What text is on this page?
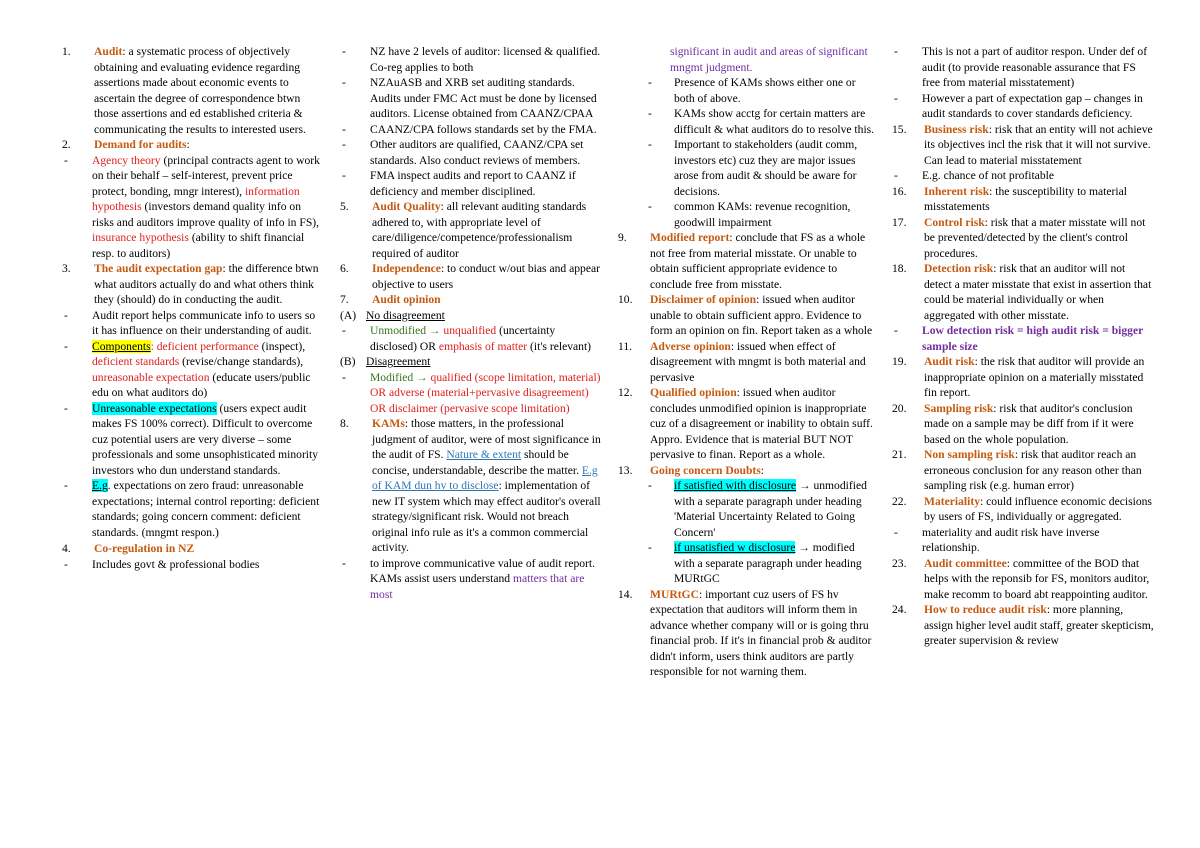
1. Audit: a systematic process of objectively obtaining and evaluating evidence regarding assertions made about economic events to ascertain the degree of correspondence btwn those assertions and ed established criteria & communicating the results to interested users.
2. Demand for audits:
- Agency theory (principal contracts agent to work on their behalf – self-interest, prevent price protect, bonding, mngr interest), information hypothesis (investors demand quality info on risks and auditors improve quality of info in FS), insurance hypothesis (ability to shift financial resp. to auditors)
3. The audit expectation gap: the difference btwn what auditors actually do and what others think they (should) do in conducting the audit.
- Audit report helps communicate info to users so it has influence on their understanding of audit.
- Components: deficient performance (inspect), deficient standards (revise/change standards), unreasonable expectation (educate users/public edu on what auditors do)
- Unreasonable expectations (users expect audit makes FS 100% correct). Difficult to overcome cuz potential users are very diverse – some professionals and some unsophisticated minority investors who dun understand standards.
- E.g. expectations on zero fraud: unreasonable expectations; internal control reporting: deficient standards; going concern comment: deficient standards. (mngmt respon.)
4. Co-regulation in NZ
- Includes govt & professional bodies
- NZ have 2 levels of auditor: licensed & qualified. Co-reg applies to both
- NZAuASB and XRB set auditing standards. Audits under FMC Act must be done by licensed auditors. License obtained from CAANZ/CPAA
- CAANZ/CPA follows standards set by the FMA.
- Other auditors are qualified, CAANZ/CPA set standards. Also conduct reviews of members.
- FMA inspect audits and report to CAANZ if deficiency and member disciplined.
5. Audit Quality: all relevant auditing standards adhered to, with appropriate level of care/diligence/competence/professionalism required of auditor
6. Independence: to conduct w/out bias and appear objective to users
7. Audit opinion
(A) No disagreement
- Unmodified → unqualified (uncertainty disclosed) OR emphasis of matter (it's relevant)
(B) Disagreement
- Modified → qualified (scope limitation, material) OR adverse (material+pervasive disagreement) OR disclaimer (pervasive scope limitation)
8. KAMs: those matters, in the professional judgment of auditor, were of most significance in the audit of FS. Nature & extent should be concise, understandable, describe the matter. E.g of KAM dun hv to disclose: implementation of new IT system which may effect auditor's overall strategy/significant risk. Would not breach original info rule as it's a common commercial activity.
- to improve communicative value of audit report. KAMs assist users understand matters that are most
significant in audit and areas of significant mngmt judgment.
- Presence of KAMs shows either one or both of above.
- KAMs show acctg for certain matters are difficult & what auditors do to resolve this.
- Important to stakeholders (audit comm, investors etc) cuz they are major issues arose from audit & should be aware for decisions.
- common KAMs: revenue recognition, goodwill impairment
9. Modified report: conclude that FS as a whole not free from material misstate. Or unable to obtain sufficient appropriate evidence to conclude free from misstate.
10. Disclaimer of opinion: issued when auditor unable to obtain sufficient appro. Evidence to form an opinion on fin. Report taken as a whole
11. Adverse opinion: issued when effect of disagreement with mngmt is both material and pervasive
12. Qualified opinion: issued when auditor concludes unmodified opinion is inappropriate cuz of a disagreement or inability to obtain suff. Appro. Evidence that is material BUT NOT pervasive to finan. Report as a whole.
13. Going concern Doubts:
- if satisfied with disclosure → unmodified with a separate paragraph under heading 'Material Uncertainty Related to Going Concern'
- if unsatisfied w disclosure → modified with a separate paragraph under heading MURtGC
14. MURtGC: important cuz users of FS hv expectation that auditors will inform them in advance whether company will or is going thru financial prob. If it's in financial prob & auditor didn't inform, users think auditors are partly responsible for not warning them.
- This is not a part of auditor respon. Under def of audit (to provide reasonable assurance that FS free from material misstatement)
- However a part of expectation gap – changes in audit standards to cover standards deficiency.
15. Business risk: risk that an entity will not achieve its objectives incl the risk that it will not survive. Can lead to material misstatement
- E.g. chance of not profitable
16. Inherent risk: the susceptibility to material misstatements
17. Control risk: risk that a mater misstate will not be prevented/detected by the client's control procedures.
18. Detection risk: risk that an auditor will not detect a mater misstate that exist in assertion that could be material individually or when aggregated with other misstate.
- Low detection risk = high audit risk = bigger sample size
19. Audit risk: the risk that auditor will provide an inappropriate opinion on a materially misstated fin report.
20. Sampling risk: risk that auditor's conclusion made on a sample may be diff from if it were based on the whole population.
21. Non sampling risk: risk that auditor reach an erroneous conclusion for any reason other than sampling risk (e.g. human error)
22. Materiality: could influence economic decisions by users of FS, individually or aggregated.
- materiality and audit risk have inverse relationship.
23. Audit committee: committee of the BOD that helps with the reponsib for FS, monitors auditor, make recomm to board abt reappointing auditor.
24. How to reduce audit risk: more planning, assign higher level audit staff, greater skepticism, greater supervision & review
